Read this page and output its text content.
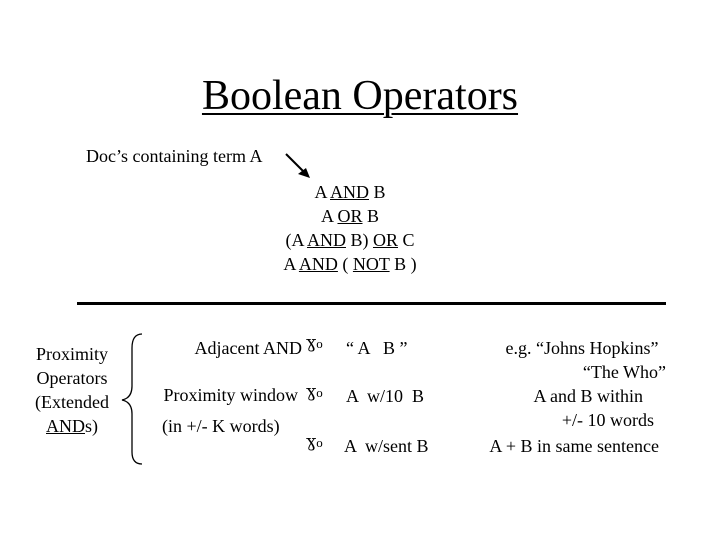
Boolean Operators
Doc’s containing term A
A AND B
A OR B
(A AND B) OR C
A AND ( NOT B )
Proximity
Operators
(Extended
ANDs)
Adjacent AND
Proximity window
(in +/- K words)
ɣo
ɣo
ɣo
“ A   B ”
A  w/10  B
A  w/sent B
e.g. “Johns Hopkins”
“The Who”
A and B within
+/- 10 words
A + B in same sentence
